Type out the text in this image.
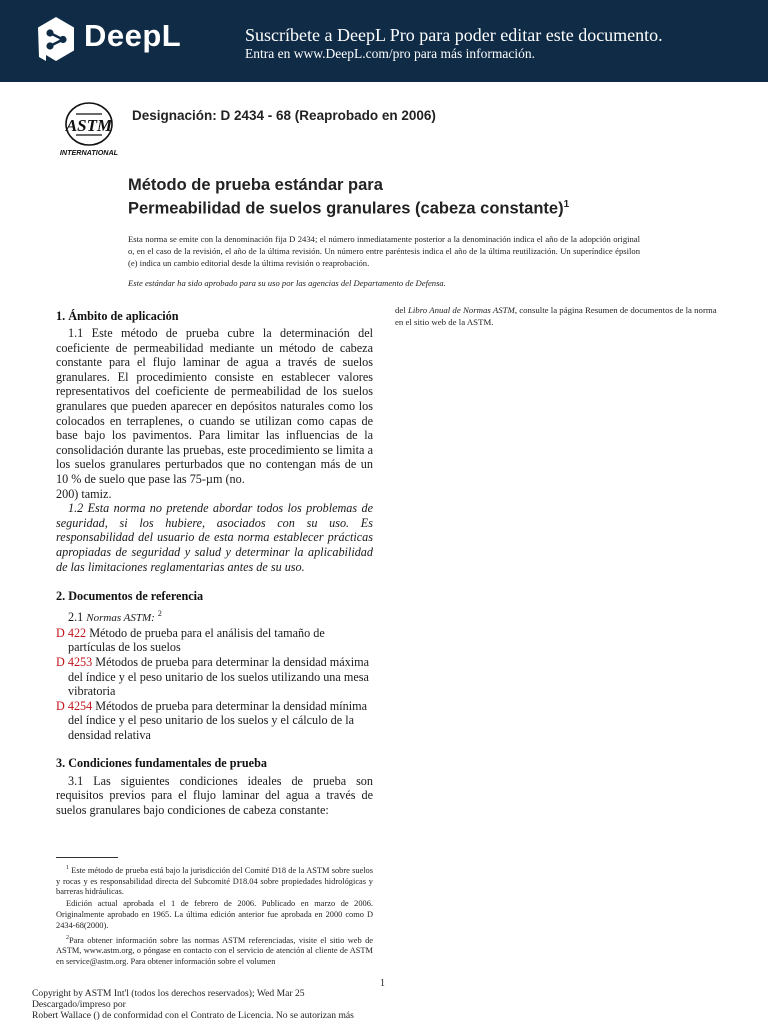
DeepL	Suscríbete a DeepL Pro para poder editar este documento.
Entra en www.DeepL.com/pro para más información.
ASTM
INTERNATIONAL
Designación: D 2434 - 68 (Reaprobado en 2006)
Método de prueba estándar para
Permeabilidad de suelos granulares (cabeza constante)$^1$
Esta norma se emite con la denominación fija D 2434; el número inmediatamente posterior a la denominación indica el año de la adopción original o, en el caso de la revisión, el año de la última revisión. Un número entre paréntesis indica el año de la última reutilización. Un superíndice épsilon (e) indica un cambio editorial desde la última revisión o reaprobación.
Este estándar ha sido aprobado para su uso por las agencias del Departamento de Defensa.
1. Ámbito de aplicación

1.1 Este método de prueba cubre la determinación del coeficiente de permeabilidad mediante un método de cabeza constante para el flujo laminar de agua a través de suelos granulares. El procedimiento consiste en establecer valores representativos del coeficiente de permeabilidad de los suelos granulares que pueden aparecer en depósitos naturales como los colocados en terraplenes, o cuando se utilizan como capas de base bajo los pavimentos. Para limitar las influencias de la consolidación durante las pruebas, este procedimiento se limita a los suelos granulares perturbados que no contengan más de un 10 % de suelo que pase las 75-µm (no.

200) tamiz.

1.2 Esta norma no pretende abordar todos los problemas de seguridad, si los hubiere, asociados con su uso. Es responsabilidad del usuario de esta norma establecer prácticas apropiadas de seguridad y salud y determinar la aplicabilidad de las limitaciones reglamentarias antes de su uso.

2. Documentos de referencia

2.1 Normas ASTM: $^2$

D 422 Método de prueba para el análisis del tamaño de partículas de los suelos

D 4253 Métodos de prueba para determinar la densidad máxima del índice y el peso unitario de los suelos utilizando una mesa vibratoria

D 4254 Métodos de prueba para determinar la densidad mínima del índice y el peso unitario de los suelos y el cálculo de la densidad relativa

3. Condiciones fundamentales de prueba

3.1 Las siguientes condiciones ideales de prueba son requisitos previos para el flujo laminar del agua a través de suelos granulares bajo condiciones de cabeza constante:

del Libro Anual de Normas ASTM, consulte la página Resumen de documentos de la norma en el sitio web de la ASTM.

$^1$ Este método de prueba está bajo la jurisdicción del Comité D18 de la ASTM sobre suelos y rocas y es responsabilidad directa del Subcomité D18.04 sobre propiedades hidrológicas y barreras hidráulicas.

Edición actual aprobada el 1 de febrero de 2006. Publicado en marzo de 2006. Originalmente aprobado en 1965. La última edición anterior fue aprobada en 2000 como D 2434-68(2000).

$^2$Para obtener información sobre las normas ASTM referenciadas, visite el sitio web de ASTM, www.astm.org, o póngase en contacto con el servicio de atención al cliente de ASTM en service@astm.org. Para obtener información sobre el volumen

1

Copyright by ASTM Int'l (todos los derechos reservados); Wed Mar 25

Descargado/impreso por

Robert Wallace () de conformidad con el Contrato de Licencia. No se autorizan más
